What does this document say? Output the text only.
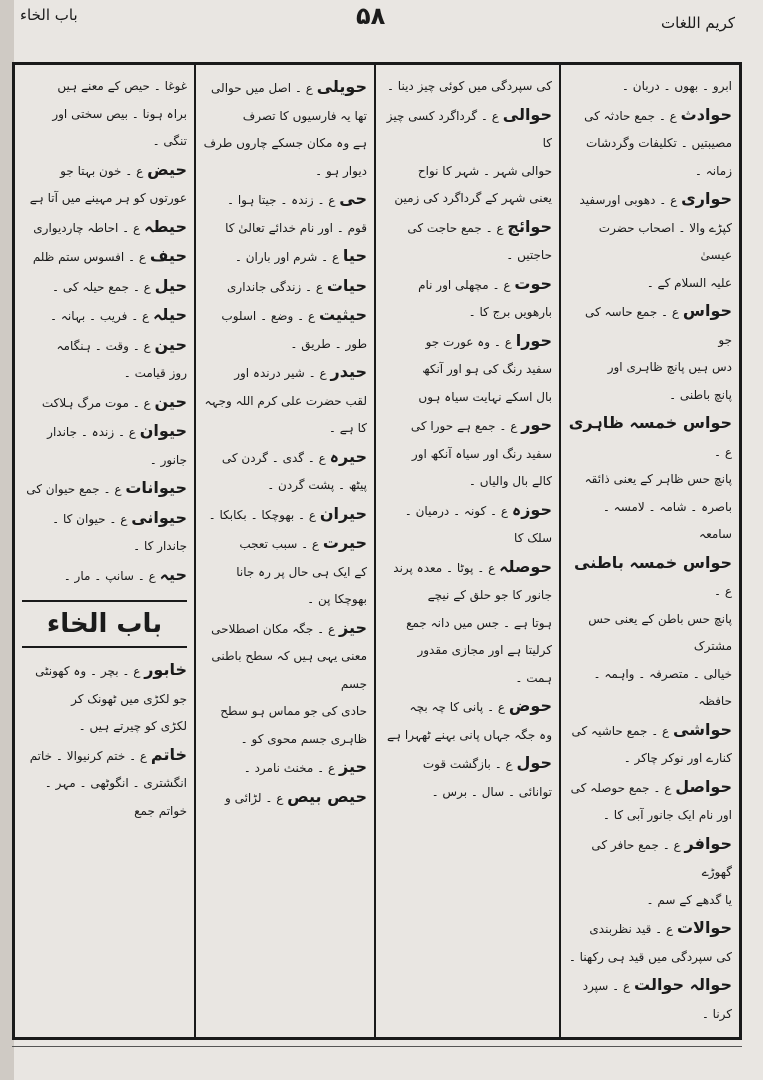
باب الخاء	۵۸	کریم اللغات
ابرو ۔ بھوں ۔ دربان ۔
حوادث ع ۔ جمع حادثہ کی
مصیبتیں ۔ تکلیفات وگردشات
زمانہ ۔
حواری ع ۔ دھوبی اورسفید
کپڑے والا ۔ اصحاب حضرت عیسیٰ
علیہ السلام کے ۔
حواس ع ۔ جمع حاسہ کی جو
دس ہیں پانچ ظاہری اور
پانچ باطنی ۔
حواس خمسہ ظاہری ع ۔
پانچ حس ظاہر کے یعنی ذائقہ
باصرہ ۔ شامہ ۔ لامسہ ۔ سامعہ
حواس خمسہ باطنی ع ۔
پانچ حس باطن کے یعنی حس مشترک
خیالی ۔ متصرفہ ۔ واہمہ ۔ حافظہ
حواشی ع ۔ جمع حاشیہ کی
کنارے اور نوکر چاکر ۔
حواصل ع ۔ جمع حوصلہ کی
اور نام ایک جانور آبی کا ۔
حوافر ع ۔ جمع حافر کی گھوڑے
یا گدھے کے سم ۔
حوالات ع ۔ قید نظربندی
کی سپردگی میں قید ہی رکھنا ۔
حوالہ حوالت ع ۔ سپرد کرنا ۔
کی سپردگی میں کوئی چیز دینا ۔
حوالی ع ۔ گرداگرد کسی چیز کا
حوالی شہر ۔ شہر کا نواح
یعنی شہر کے گرداگرد کی زمین
حوائج ع ۔ جمع حاجت کی
حاجتیں ۔
حوت ع ۔ مچھلی اور نام
بارھویں برج کا ۔
حورا ع ۔ وہ عورت جو
سفید رنگ کی ہو اور آنکھ
بال اسکے نہایت سیاہ ہوں
حور ع ۔ جمع ہے حورا کی
سفید رنگ اور سیاہ آنکھ اور
کالے بال والیاں ۔
حوزہ ع ۔ کونہ ۔ درمیان ۔
سلک کا
حوصلہ ع ۔ پوٹا ۔ معدہ پرند
جانور کا جو حلق کے نیچے
ہوتا ہے ۔ جس میں دانہ جمع
کرلیتا ہے اور مجازی مقدور
ہمت ۔
حوض ع ۔ پانی کا چہ بچہ
وہ جگہ جہاں پانی بہنے ٹھہرا ہے
حول ع ۔ بازگشت قوت
توانائی ۔ سال ۔ برس ۔
حویلی ع ۔ اصل میں حوالی
تھا یہ فارسیوں کا تصرف
ہے وہ مکان جسکے چاروں طرف
دیوار ہو ۔
حی ع ۔ زندہ ۔ جیتا ہوا ۔
قوم ۔ اور نام خدائے تعالیٰ کا
حیا ع ۔ شرم اور باران ۔
حیات ع ۔ زندگی جانداری
حیثیت ع ۔ وضع ۔ اسلوب
طور ۔ طریق ۔
حیدر ع ۔ شیر درندہ اور
لقب حضرت علی کرم اللہ وجہہ
کا ہے ۔
حیرہ ع ۔ گدی ۔ گردن کی
پیٹھ ۔ پشت گردن ۔
حیران ع ۔ بھوچکا ۔ بکابکا ۔
حیرت ع ۔ سبب تعجب
کے ایک ہی حال پر رہ جانا
بھوچکا پن ۔
حیز ع ۔ جگہ مکان اصطلاحی
معنی یہی ہیں کہ سطح باطنی جسم
حادی کی جو مماس ہو سطح
ظاہری جسم محوی کو ۔
حیز ع ۔ مخنث نامرد ۔
حیص بیص ع ۔ لڑائی و
غوغا ۔ حیص کے معنے ہیں
براہ ہونا ۔ بیص سختی اور
تنگی ۔
حیض ع ۔ خون بہتا جو
عورتوں کو ہر مہینے میں آتا ہے
حیطہ ع ۔ احاطہ چاردیواری
حیف ع ۔ افسوس ستم ظلم
حیل ع ۔ جمع حیلہ کی ۔
حیلہ ع ۔ فریب ۔ بہانہ ۔
حین ع ۔ وقت ۔ ہنگامہ
روز قیامت ۔
حین ع ۔ موت مرگ ہلاکت
حیوان ع ۔ زندہ ۔ جاندار
جانور ۔
حیوانات ع ۔ جمع حیوان کی
حیوانی ع ۔ حیوان کا ۔
جاندار کا ۔
حیہ ع ۔ سانپ ۔ مار ۔
باب الخاء
خابور ع ۔ بچر ۔ وہ کھونٹی
جو لکڑی میں ٹھونک کر
لکڑی کو چیرتے ہیں ۔
خاتم ع ۔ ختم کرنیوالا ۔ خاتم
انگشتری ۔ انگوٹھی ۔ مہر ۔ خواتم جمع
